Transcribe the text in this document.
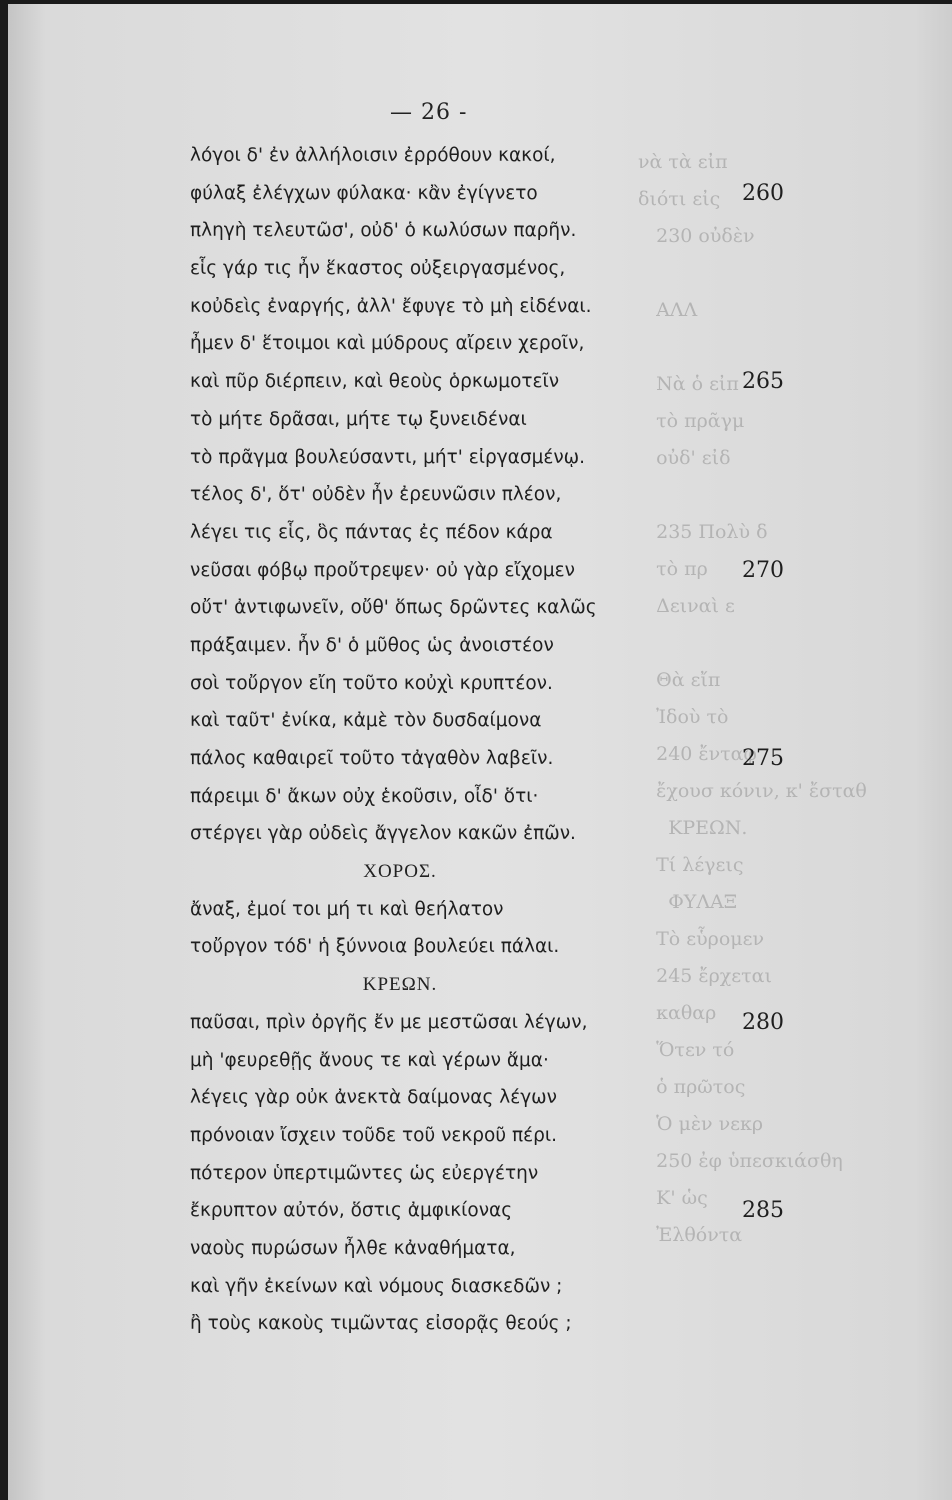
νὰ τὰ εἰπ
διότι εἰς
230 οὐδὲν

ΑΛΛ

Νὰ ὁ εἰπ
τὸ πρᾶγμ
οὐδ' εἰδ

235 Πολὺ δ
τὸ πρ
Δειναὶ ε

Θὰ εἴπ
Ἰδοὺ τὸ
240 ἔνταφ
ἔχουσ κόνιν, κ' ἔσταθ
ΚΡΕΩΝ.
Τί λέγεις
ΦΥΛΑΞ
Τὸ εὗρομεν
245 ἔρχεται
καθαρ
Ὅτεν τό
ὁ πρῶτος
Ὁ μὲν νεκρ
250 ἐφ ὑπεσκιάσθη
Κ' ὡς
Ἐλθόντα
— 26 -
λόγοι δ' ἐν ἀλλήλοισιν ἐρρόθουν κακοί,
φύλαξ ἐλέγχων φύλακα· κἂν ἐγίγνετο	260
πληγὴ τελευτῶσ', οὐδ' ὁ κωλύσων παρῆν.
εἷς γάρ τις ἦν ἕκαστος οὐξειργασμένος,
κοὐδεὶς ἐναργής, ἀλλ' ἔφυγε τὸ μὴ εἰδέναι.
ἦμεν δ' ἕτοιμοι καὶ μύδρους αἴρειν χεροῖν,
καὶ πῦρ διέρπειν, καὶ θεοὺς ὁρκωμοτεῖν	265
τὸ μήτε δρᾶσαι, μήτε τῳ ξυνειδέναι
τὸ πρᾶγμα βουλεύσαντι, μήτ' εἰργασμένῳ.
τέλος δ', ὅτ' οὐδὲν ἦν ἐρευνῶσιν πλέον,
λέγει τις εἷς, ὃς πάντας ἐς πέδον κάρα
νεῦσαι φόβῳ προὔτρεψεν· οὐ γὰρ εἴχομεν	270
οὔτ' ἀντιφωνεῖν, οὔθ' ὅπως δρῶντες καλῶς
πράξαιμεν. ἦν δ' ὁ μῦθος ὡς ἀνοιστέον
σοὶ τοὔργον εἴη τοῦτο κοὐχὶ κρυπτέον.
καὶ ταῦτ' ἐνίκα, κἀμὲ τὸν δυσδαίμονα
πάλος καθαιρεῖ τοῦτο τἀγαθὸν λαβεῖν.	275
πάρειμι δ' ἄκων οὐχ ἑκοῦσιν, οἶδ' ὅτι·
στέργει γὰρ οὐδεὶς ἄγγελον κακῶν ἐπῶν.
ΧΟΡΟΣ.
ἄναξ, ἐμοί τοι μή τι καὶ θεήλατον
τοὔργον τόδ' ἡ ξύννοια βουλεύει πάλαι.
ΚΡΕΩΝ.
παῦσαι, πρὶν ὀργῆς ἔν με μεστῶσαι λέγων,	280
μὴ 'φευρεθῇς ἄνους τε καὶ γέρων ἅμα·
λέγεις γὰρ οὐκ ἀνεκτὰ δαίμονας λέγων
πρόνοιαν ἴσχειν τοῦδε τοῦ νεκροῦ πέρι.
πότερον ὑπερτιμῶντες ὡς εὐεργέτην
ἔκρυπτον αὐτόν, ὅστις ἀμφικίονας	285
ναοὺς πυρώσων ἦλθε κἀναθήματα,
καὶ γῆν ἐκείνων καὶ νόμους διασκεδῶν ;
ἢ τοὺς κακοὺς τιμῶντας εἰσορᾷς θεούς ;
